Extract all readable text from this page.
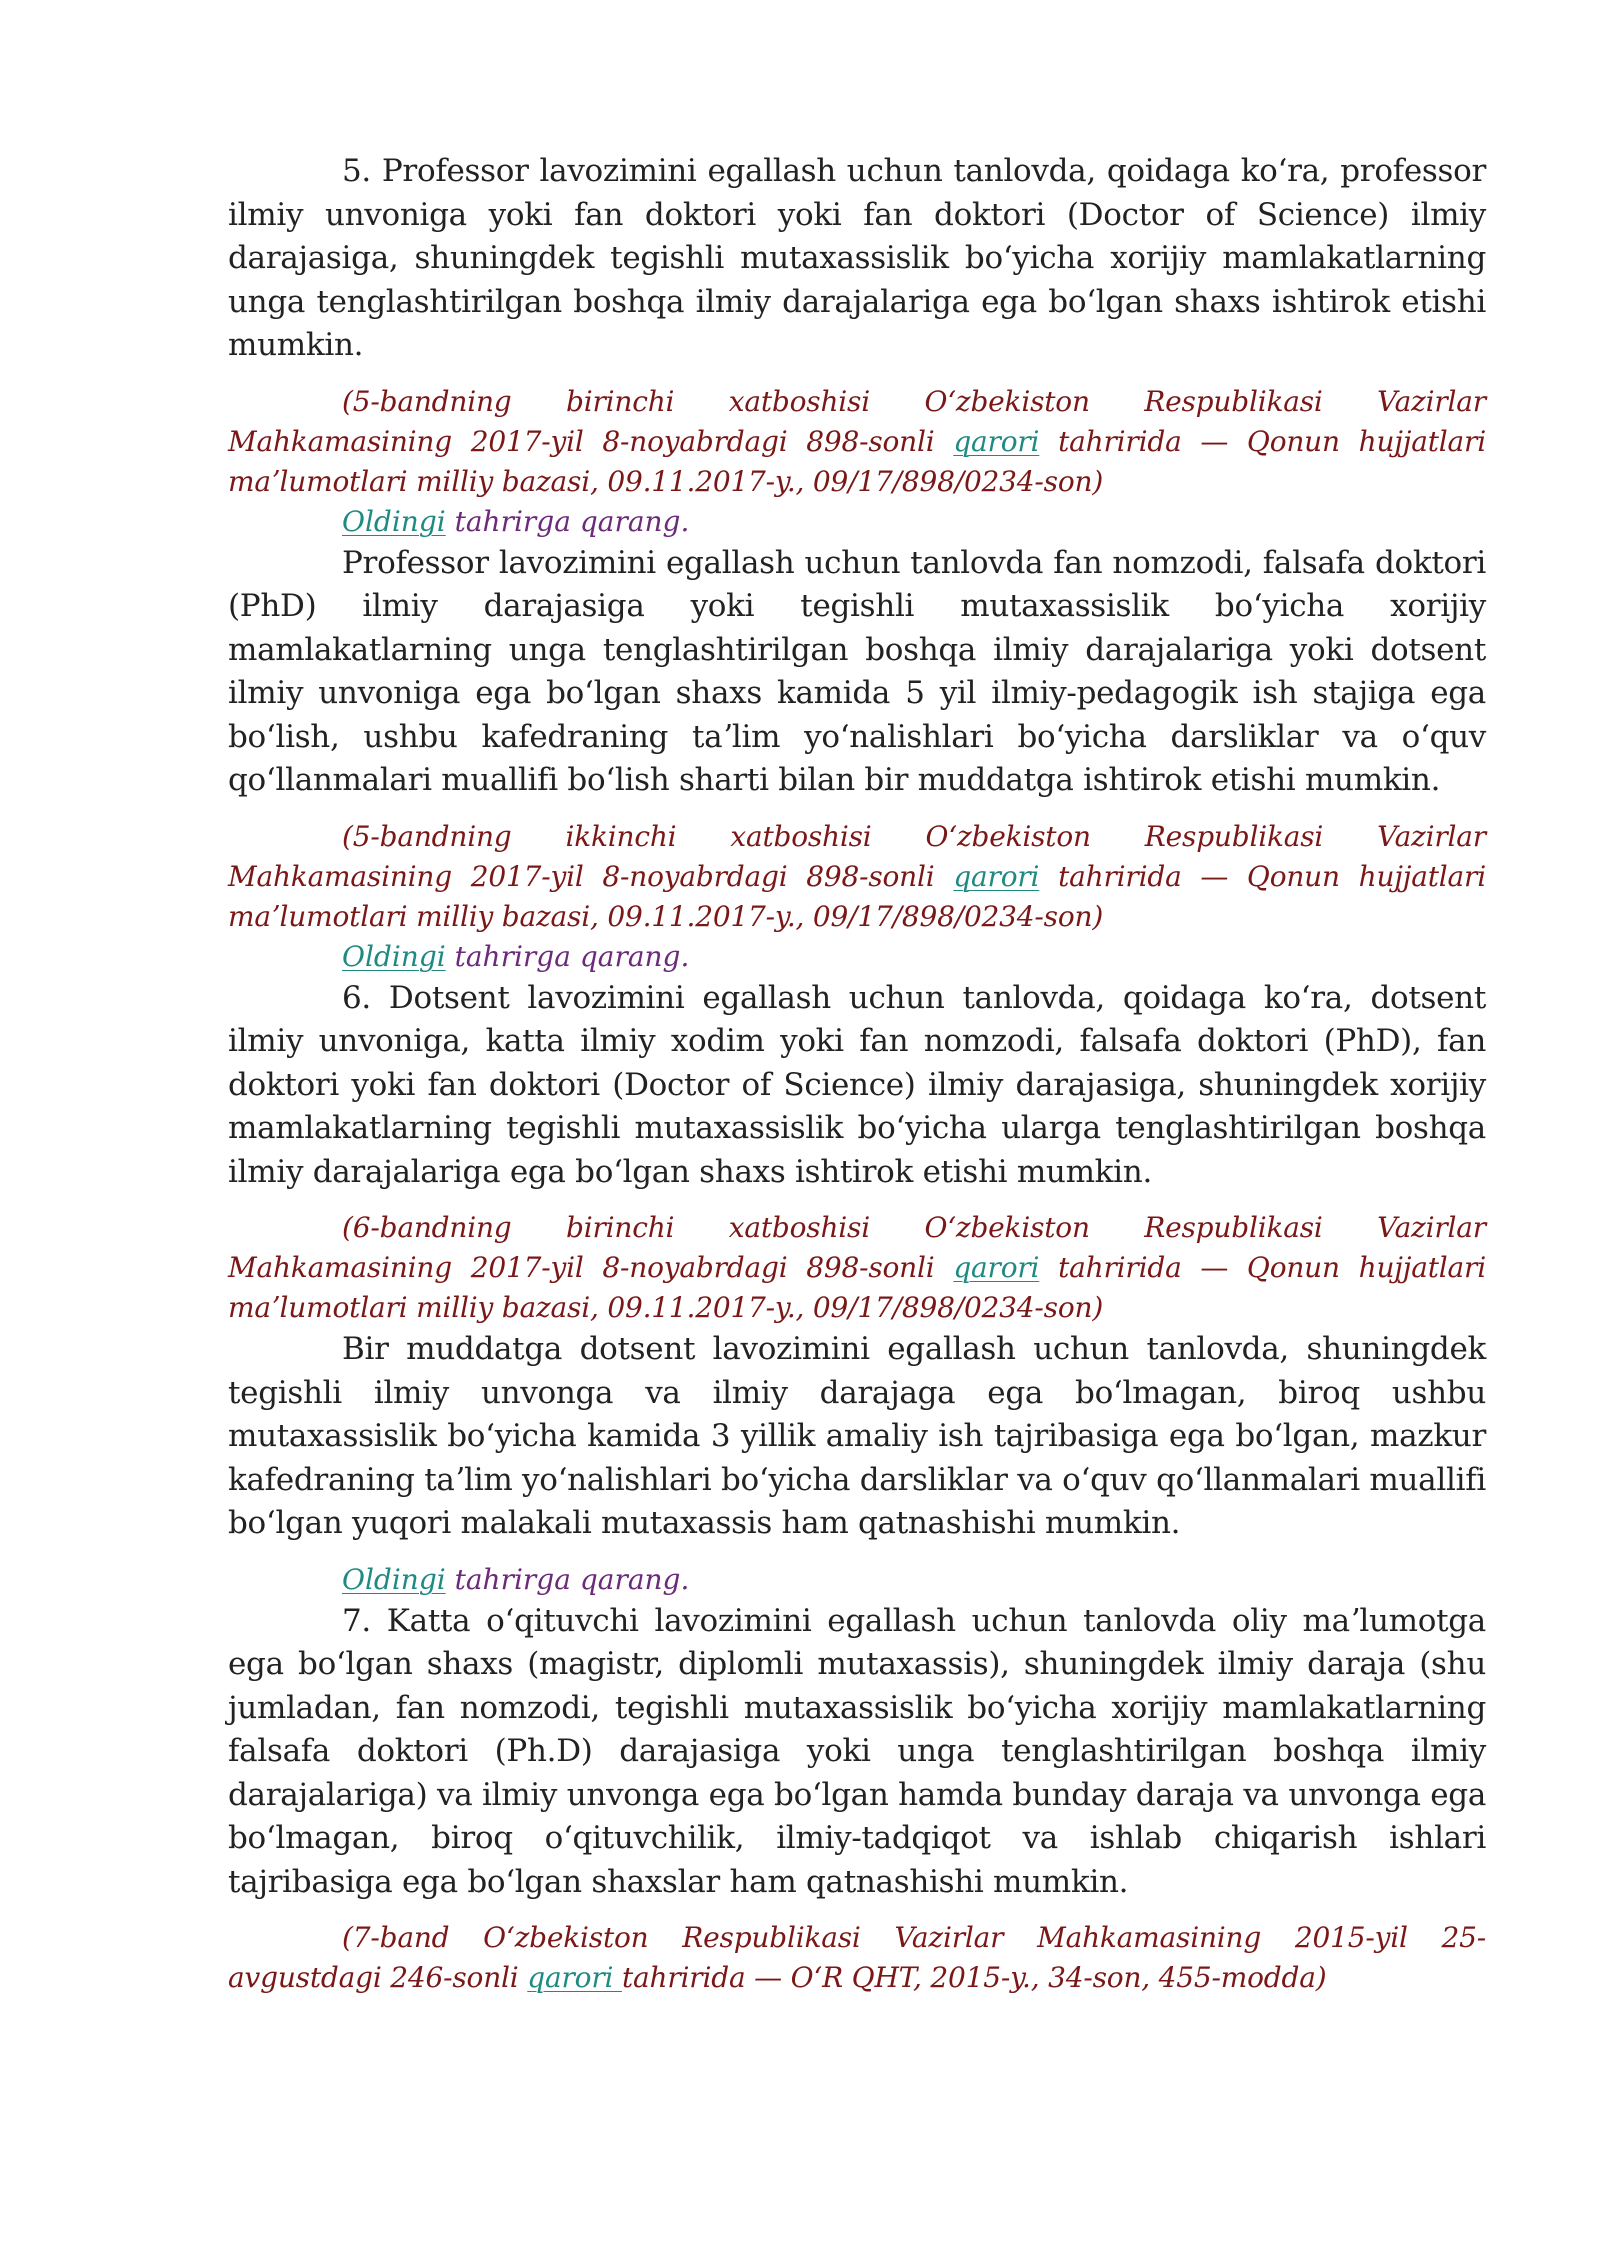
5. Professor lavozimini egallash uchun tanlovda, qoidaga koʻra, professor ilmiy unvoniga yoki fan doktori yoki fan doktori (Doctor of Science) ilmiy darajasiga, shuningdek tegishli mutaxassislik boʻyicha xorijiy mamlakatlarning unga tenglashtirilgan boshqa ilmiy darajalariga ega boʻlgan shaxs ishtirok etishi mumkin.

(5-bandning birinchi xatboshisi Oʻzbekiston Respublikasi Vazirlar Mahkamasining 2017-yil 8-noyabrdagi 898-sonli qarori tahririda — Qonun hujjatlari maʼlumotlari milliy bazasi, 09.11.2017-y., 09/17/898/0234-son)

Oldingi tahrirga qarang.

Professor lavozimini egallash uchun tanlovda fan nomzodi, falsafa doktori (PhD) ilmiy darajasiga yoki tegishli mutaxassislik boʻyicha xorijiy mamlakatlarning unga tenglashtirilgan boshqa ilmiy darajalariga yoki dotsent ilmiy unvoniga ega boʻlgan shaxs kamida 5 yil ilmiy-pedagogik ish stajiga ega boʻlish, ushbu kafedraning taʼlim yoʻnalishlari boʻyicha darsliklar va oʻquv qoʻllanmalari muallifi boʻlish sharti bilan bir muddatga ishtirok etishi mumkin.

(5-bandning ikkinchi xatboshisi Oʻzbekiston Respublikasi Vazirlar Mahkamasining 2017-yil 8-noyabrdagi 898-sonli qarori tahririda — Qonun hujjatlari maʼlumotlari milliy bazasi, 09.11.2017-y., 09/17/898/0234-son)

Oldingi tahrirga qarang.

6. Dotsent lavozimini egallash uchun tanlovda, qoidaga koʻra, dotsent ilmiy unvoniga, katta ilmiy xodim yoki fan nomzodi, falsafa doktori (PhD), fan doktori yoki fan doktori (Doctor of Science) ilmiy darajasiga, shuningdek xorijiy mamlakatlarning tegishli mutaxassislik boʻyicha ularga tenglashtirilgan boshqa ilmiy darajalariga ega boʻlgan shaxs ishtirok etishi mumkin.

(6-bandning birinchi xatboshisi Oʻzbekiston Respublikasi Vazirlar Mahkamasining 2017-yil 8-noyabrdagi 898-sonli qarori tahririda — Qonun hujjatlari maʼlumotlari milliy bazasi, 09.11.2017-y., 09/17/898/0234-son)

Bir muddatga dotsent lavozimini egallash uchun tanlovda, shuningdek tegishli ilmiy unvonga va ilmiy darajaga ega boʻlmagan, biroq ushbu mutaxassislik boʻyicha kamida 3 yillik amaliy ish tajribasiga ega boʻlgan, mazkur kafedraning taʼlim yoʻnalishlari boʻyicha darsliklar va oʻquv qoʻllanmalari muallifi boʻlgan yuqori malakali mutaxassis ham qatnashishi mumkin.

Oldingi tahrirga qarang.

7. Katta oʻqituvchi lavozimini egallash uchun tanlovda oliy maʼlumotga ega boʻlgan shaxs (magistr, diplomli mutaxassis), shuningdek ilmiy daraja (shu jumladan, fan nomzodi, tegishli mutaxassislik boʻyicha xorijiy mamlakatlarning falsafa doktori (Ph.D) darajasiga yoki unga tenglashtirilgan boshqa ilmiy darajalariga) va ilmiy unvonga ega boʻlgan hamda bunday daraja va unvonga ega boʻlmagan, biroq oʻqituvchilik, ilmiy-tadqiqot va ishlab chiqarish ishlari tajribasiga ega boʻlgan shaxslar ham qatnashishi mumkin.

(7-band Oʻzbekiston Respublikasi Vazirlar Mahkamasining 2015-yil 25-avgustdagi 246-sonli qarori tahririda — OʻR QHT, 2015-y., 34-son, 455-modda)
